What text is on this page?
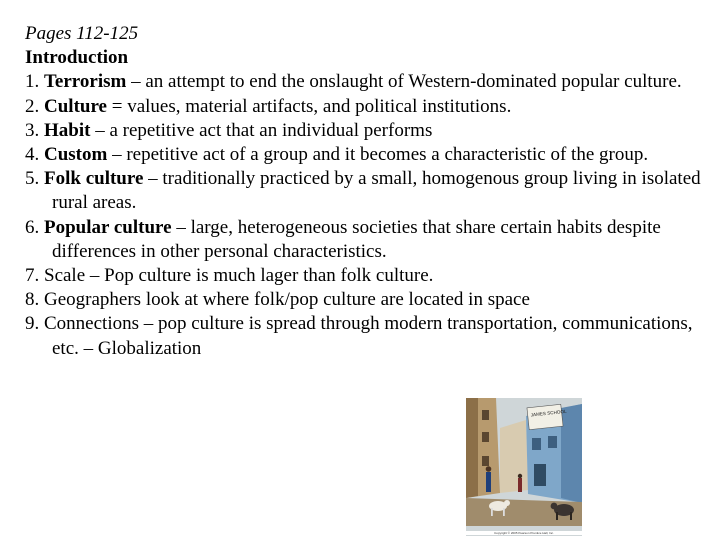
Pages 112-125
Introduction
1. Terrorism – an attempt to end the onslaught of Western-dominated popular culture.
2. Culture = values, material artifacts, and political institutions.
3. Habit – a repetitive act that an individual performs
4. Custom – repetitive act of a group and it becomes a characteristic of the group.
5. Folk culture – traditionally practiced by a small, homogenous group living in isolated rural areas.
6. Popular culture – large, heterogeneous societies that share certain habits despite differences in other personal characteristics.
7. Scale – Pop culture is much lager than folk culture.
8. Geographers look at where folk/pop culture are located in space
9. Connections – pop culture is spread through modern transportation, communications, etc. – Globalization
JAMES SCHOOL
Copyright © 2005 Pearson Prentice Hall, Inc.
